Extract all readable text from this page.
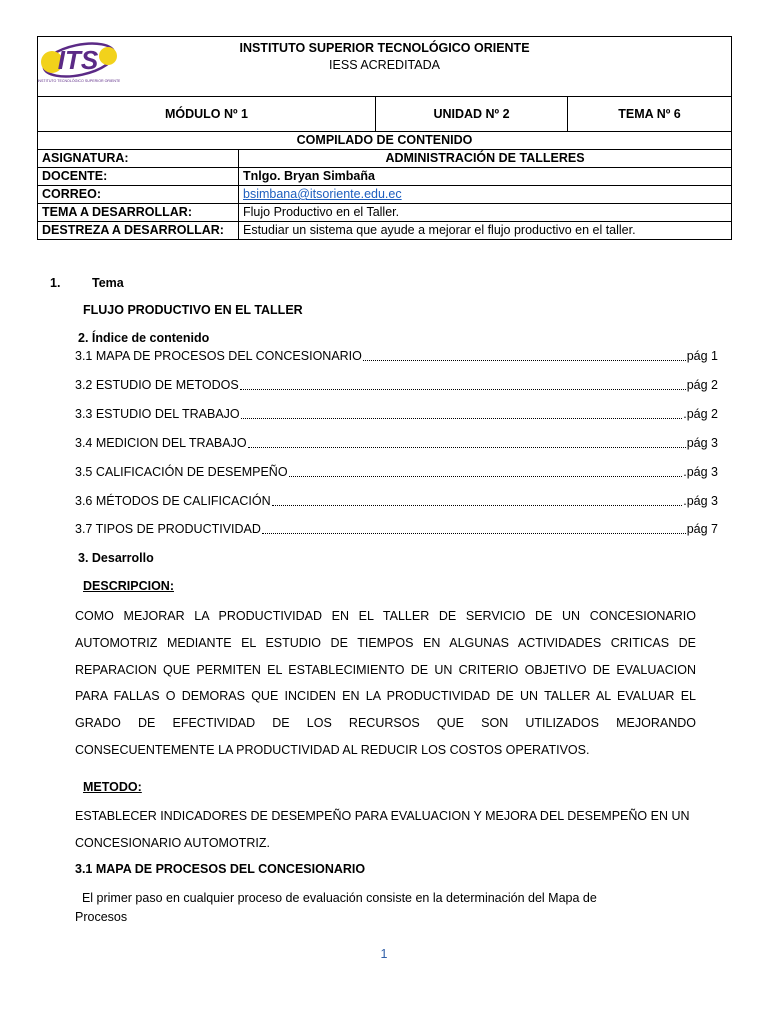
INSTITUTO SUPERIOR TECNOLÓGICO ORIENTE
IESS ACREDITADA			

MÓDULO Nº 1		UNIDAD Nº 2	TEMA Nº 6
COMPILADO DE CONTENIDO			
ASIGNATURA:	ADMINISTRACIÓN DE TALLERES		
DOCENTE:	Tnlgo. Bryan Simbaña		
CORREO:	bsimbana@itsoriente.edu.ec		
TEMA A DESARROLLAR:	Flujo Productivo en el Taller.		
DESTREZA A DESARROLLAR:	Estudiar un sistema que ayude a mejorar el flujo productivo en el taller.		
ITS
INSTITUTO TECNOLÓGICO SUPERIOR ORIENTE
1.	Tema
FLUJO PRODUCTIVO EN EL TALLER
2. Índice de contenido
3.1 MAPA DE PROCESOS DEL CONCESIONARIO	pág 1
3.2 ESTUDIO DE METODOS	pág 2
3.3 ESTUDIO DEL TRABAJO	.pág 2
3.4 MEDICION DEL TRABAJO	pág 3
3.5 CALIFICACIÓN DE DESEMPEÑO	.pág 3
3.6 MÉTODOS DE CALIFICACIÓN	.pág 3
3.7 TIPOS DE PRODUCTIVIDAD	pág 7
3. Desarrollo
DESCRIPCION:
COMO MEJORAR LA PRODUCTIVIDAD EN EL TALLER DE SERVICIO DE UN CONCESIONARIO
AUTOMOTRIZ MEDIANTE EL ESTUDIO DE TIEMPOS EN ALGUNAS ACTIVIDADES CRITICAS DE
REPARACION QUE PERMITEN EL ESTABLECIMIENTO DE UN CRITERIO OBJETIVO DE EVALUACION
PARA FALLAS O DEMORAS QUE INCIDEN EN LA PRODUCTIVIDAD DE UN TALLER AL EVALUAR EL
GRADO DE EFECTIVIDAD DE LOS RECURSOS QUE SON UTILIZADOS MEJORANDO
CONSECUENTEMENTE LA PRODUCTIVIDAD AL REDUCIR LOS COSTOS OPERATIVOS.
METODO:
ESTABLECER INDICADORES DE DESEMPEÑO PARA EVALUACION Y MEJORA DEL DESEMPEÑO EN UN
CONCESIONARIO AUTOMOTRIZ.
3.1 MAPA DE PROCESOS DEL CONCESIONARIO
El primer paso en cualquier proceso de evaluación consiste en la determinación del Mapa de
Procesos
1
